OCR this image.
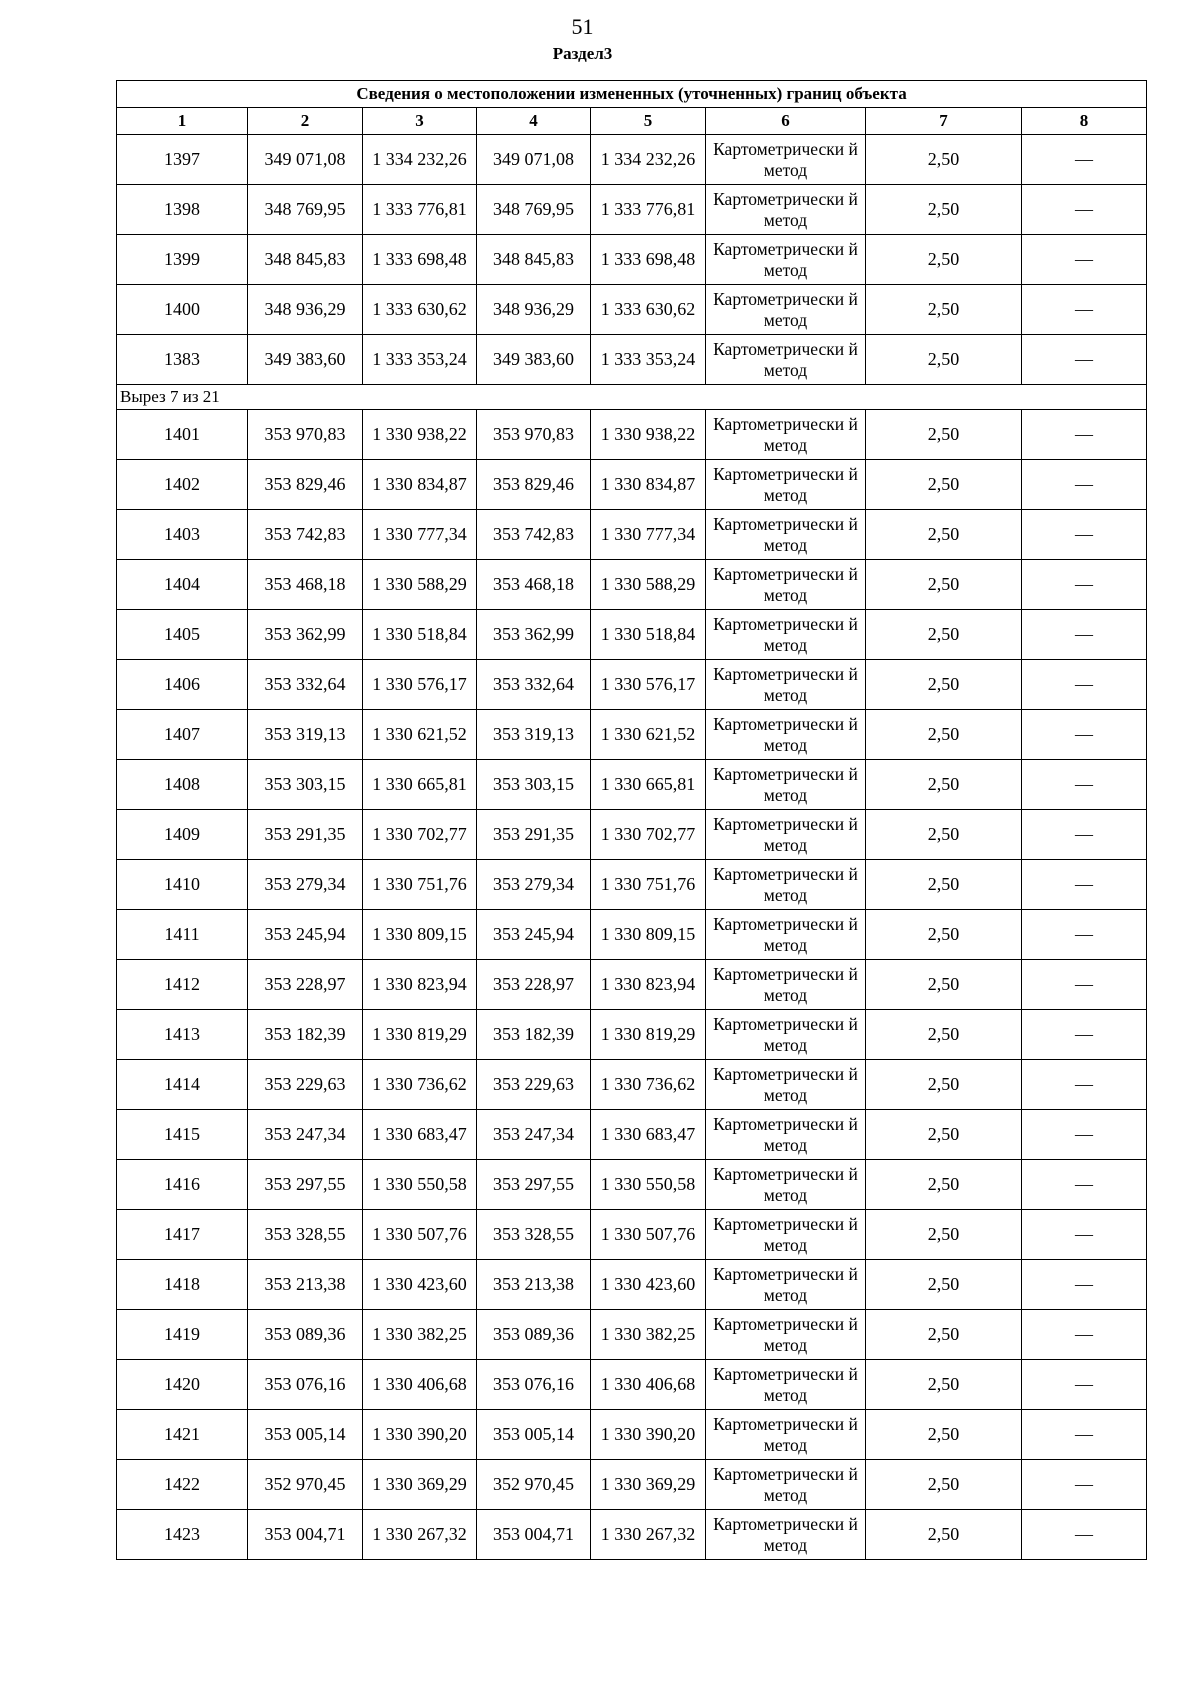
51
Раздел3
Сведения о местоположении измененных (уточненных) границ объекта							
1	2	3	4	5	6	7	8
1397	349 071,08	1 334 232,26	349 071,08	1 334 232,26	Картометрически й метод	2,50	—
1398	348 769,95	1 333 776,81	348 769,95	1 333 776,81	Картометрически й метод	2,50	—
1399	348 845,83	1 333 698,48	348 845,83	1 333 698,48	Картометрически й метод	2,50	—
1400	348 936,29	1 333 630,62	348 936,29	1 333 630,62	Картометрически й метод	2,50	—
1383	349 383,60	1 333 353,24	349 383,60	1 333 353,24	Картометрически й метод	2,50	—
Вырез 7 из 21							
1401	353 970,83	1 330 938,22	353 970,83	1 330 938,22	Картометрически й метод	2,50	—
1402	353 829,46	1 330 834,87	353 829,46	1 330 834,87	Картометрически й метод	2,50	—
1403	353 742,83	1 330 777,34	353 742,83	1 330 777,34	Картометрически й метод	2,50	—
1404	353 468,18	1 330 588,29	353 468,18	1 330 588,29	Картометрически й метод	2,50	—
1405	353 362,99	1 330 518,84	353 362,99	1 330 518,84	Картометрически й метод	2,50	—
1406	353 332,64	1 330 576,17	353 332,64	1 330 576,17	Картометрически й метод	2,50	—
1407	353 319,13	1 330 621,52	353 319,13	1 330 621,52	Картометрически й метод	2,50	—
1408	353 303,15	1 330 665,81	353 303,15	1 330 665,81	Картометрически й метод	2,50	—
1409	353 291,35	1 330 702,77	353 291,35	1 330 702,77	Картометрически й метод	2,50	—
1410	353 279,34	1 330 751,76	353 279,34	1 330 751,76	Картометрически й метод	2,50	—
1411	353 245,94	1 330 809,15	353 245,94	1 330 809,15	Картометрически й метод	2,50	—
1412	353 228,97	1 330 823,94	353 228,97	1 330 823,94	Картометрически й метод	2,50	—
1413	353 182,39	1 330 819,29	353 182,39	1 330 819,29	Картометрически й метод	2,50	—
1414	353 229,63	1 330 736,62	353 229,63	1 330 736,62	Картометрически й метод	2,50	—
1415	353 247,34	1 330 683,47	353 247,34	1 330 683,47	Картометрически й метод	2,50	—
1416	353 297,55	1 330 550,58	353 297,55	1 330 550,58	Картометрически й метод	2,50	—
1417	353 328,55	1 330 507,76	353 328,55	1 330 507,76	Картометрически й метод	2,50	—
1418	353 213,38	1 330 423,60	353 213,38	1 330 423,60	Картометрически й метод	2,50	—
1419	353 089,36	1 330 382,25	353 089,36	1 330 382,25	Картометрически й метод	2,50	—
1420	353 076,16	1 330 406,68	353 076,16	1 330 406,68	Картометрически й метод	2,50	—
1421	353 005,14	1 330 390,20	353 005,14	1 330 390,20	Картометрически й метод	2,50	—
1422	352 970,45	1 330 369,29	352 970,45	1 330 369,29	Картометрически й метод	2,50	—
1423	353 004,71	1 330 267,32	353 004,71	1 330 267,32	Картометрически й метод	2,50	—
